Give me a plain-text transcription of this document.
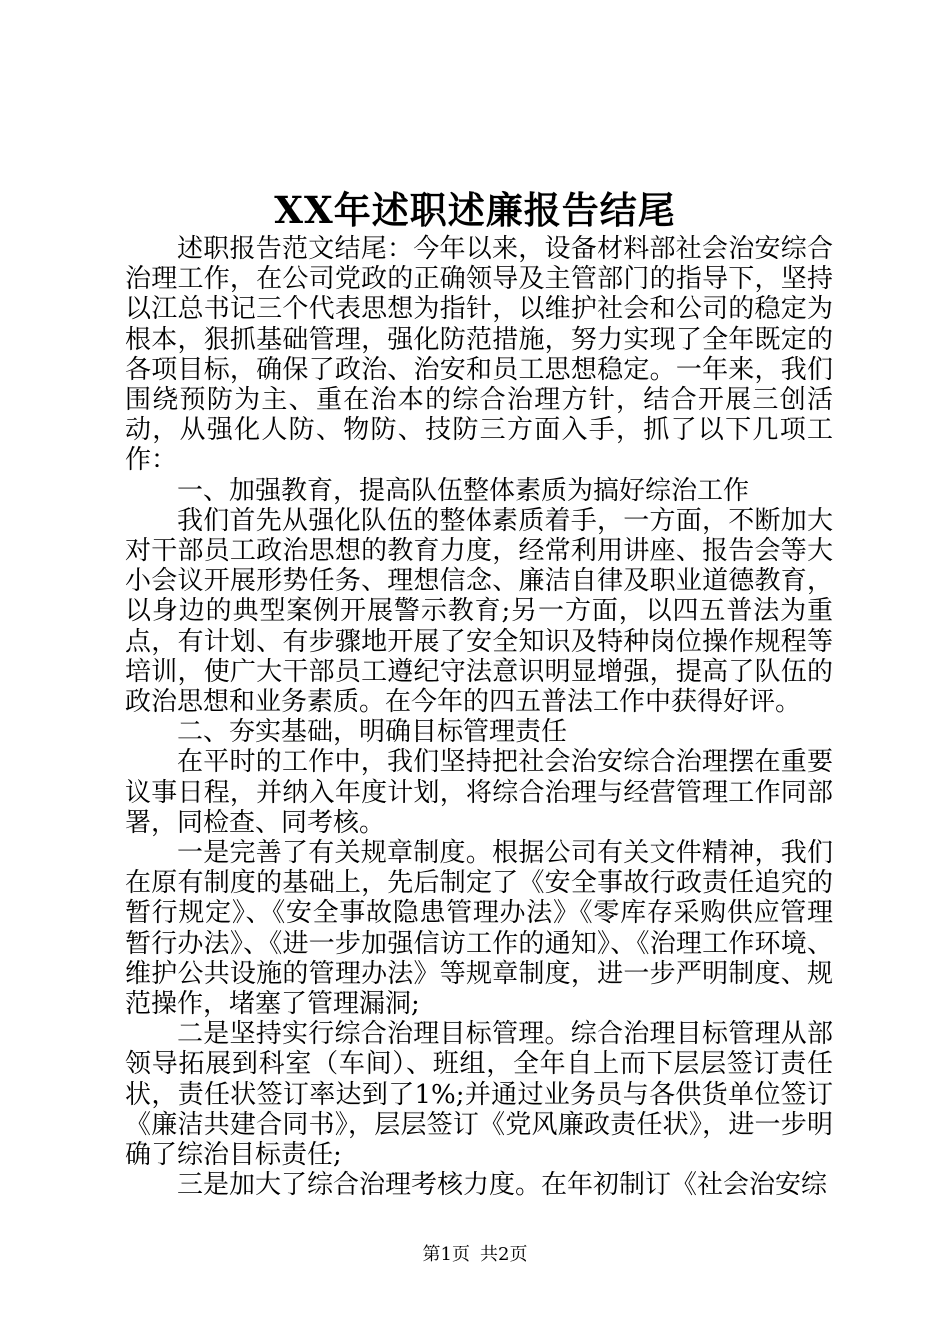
XX年述职述廉报告结尾

述职报告范文结尾：今年以来，设备材料部社会治安综合治理工作，在公司党政的正确领导及主管部门的指导下，坚持以江总书记三个代表思想为指针，以维护社会和公司的稳定为根本，狠抓基础管理，强化防范措施，努力实现了全年既定的各项目标，确保了政治、治安和员工思想稳定。一年来，我们围绕预防为主、重在治本的综合治理方针，结合开展三创活动，从强化人防、物防、技防三方面入手，抓了以下几项工作：

一、加强教育，提高队伍整体素质为搞好综治工作

我们首先从强化队伍的整体素质着手，一方面，不断加大对干部员工政治思想的教育力度，经常利用讲座、报告会等大小会议开展形势任务、理想信念、廉洁自律及职业道德教育，以身边的典型案例开展警示教育;另一方面，以四五普法为重点，有计划、有步骤地开展了安全知识及特种岗位操作规程等培训，使广大干部员工遵纪守法意识明显增强，提高了队伍的政治思想和业务素质。在今年的四五普法工作中获得好评。

二、夯实基础，明确目标管理责任

在平时的工作中，我们坚持把社会治安综合治理摆在重要议事日程，并纳入年度计划，将综合治理与经营管理工作同部署，同检查、同考核。

一是完善了有关规章制度。根据公司有关文件精神，我们在原有制度的基础上，先后制定了《安全事故行政责任追究的暂行规定》、《安全事故隐患管理办法》《零库存采购供应管理暂行办法》、《进一步加强信访工作的通知》、《治理工作环境、维护公共设施的管理办法》等规章制度，进一步严明制度、规范操作，堵塞了管理漏洞;

二是坚持实行综合治理目标管理。综合治理目标管理从部领导拓展到科室（车间）、班组，全年自上而下层层签订责任状，责任状签订率达到了1%;并通过业务员与各供货单位签订《廉洁共建合同书》，层层签订《党风廉政责任状》，进一步明确了综治目标责任;

三是加大了综合治理考核力度。在年初制订《社会治安综

第1页 共2页
